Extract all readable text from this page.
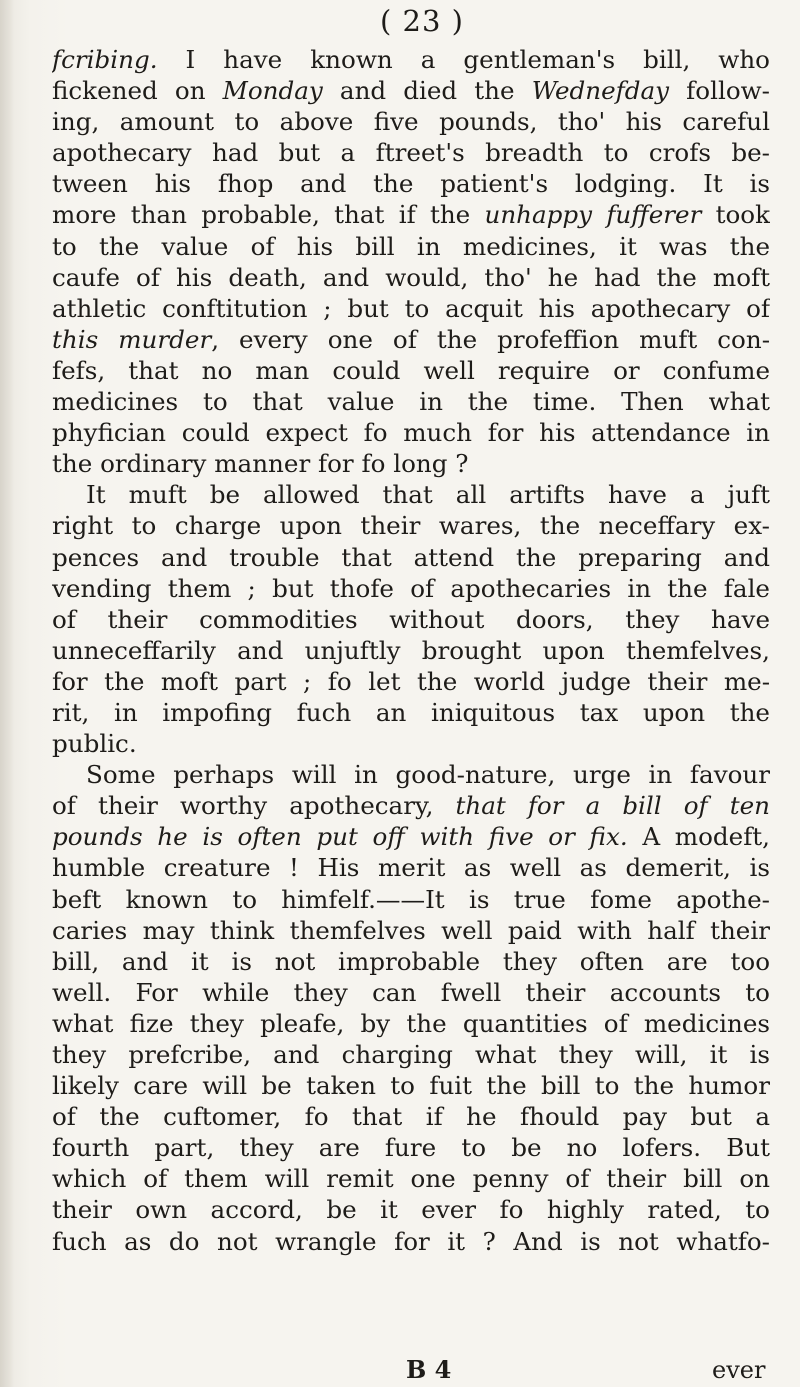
( 23 )
fcribing. I have known a gentleman's bill, who
fickened on Monday and died the Wednefday follow-
ing, amount to above five pounds, tho' his careful
apothecary had but a ftreet's breadth to crofs be-
tween his fhop and the patient's lodging. It is
more than probable, that if the unhappy fufferer took
to the value of his bill in medicines, it was the
caufe of his death, and would, tho' he had the moft
athletic conftitution ; but to acquit his apothecary of
this murder, every one of the profeffion muft con-
fefs, that no man could well require or confume
medicines to that value in the time. Then what
phyfician could expect fo much for his attendance in
the ordinary manner for fo long ?
It muft be allowed that all artifts have a juft
right to charge upon their wares, the neceffary ex-
pences and trouble that attend the preparing and
vending them ; but thofe of apothecaries in the fale
of their commodities without doors, they have
unneceffarily and unjuftly brought upon themfelves,
for the moft part ; fo let the world judge their me-
rit, in impofing fuch an iniquitous tax upon the
public.
Some perhaps will in good-nature, urge in favour
of their worthy apothecary, that for a bill of ten
pounds he is often put off with five or fix. A modeft,
humble creature ! His merit as well as demerit, is
beft known to himfelf.——It is true fome apothe-
caries may think themfelves well paid with half their
bill, and it is not improbable they often are too
well. For while they can fwell their accounts to
what fize they pleafe, by the quantities of medicines
they prefcribe, and charging what they will, it is
likely care will be taken to fuit the bill to the humor
of the cuftomer, fo that if he fhould pay but a
fourth part, they are fure to be no lofers. But
which of them will remit one penny of their bill on
their own accord, be it ever fo highly rated, to
fuch as do not wrangle for it ? And is not whatfo-
B 4	ever
